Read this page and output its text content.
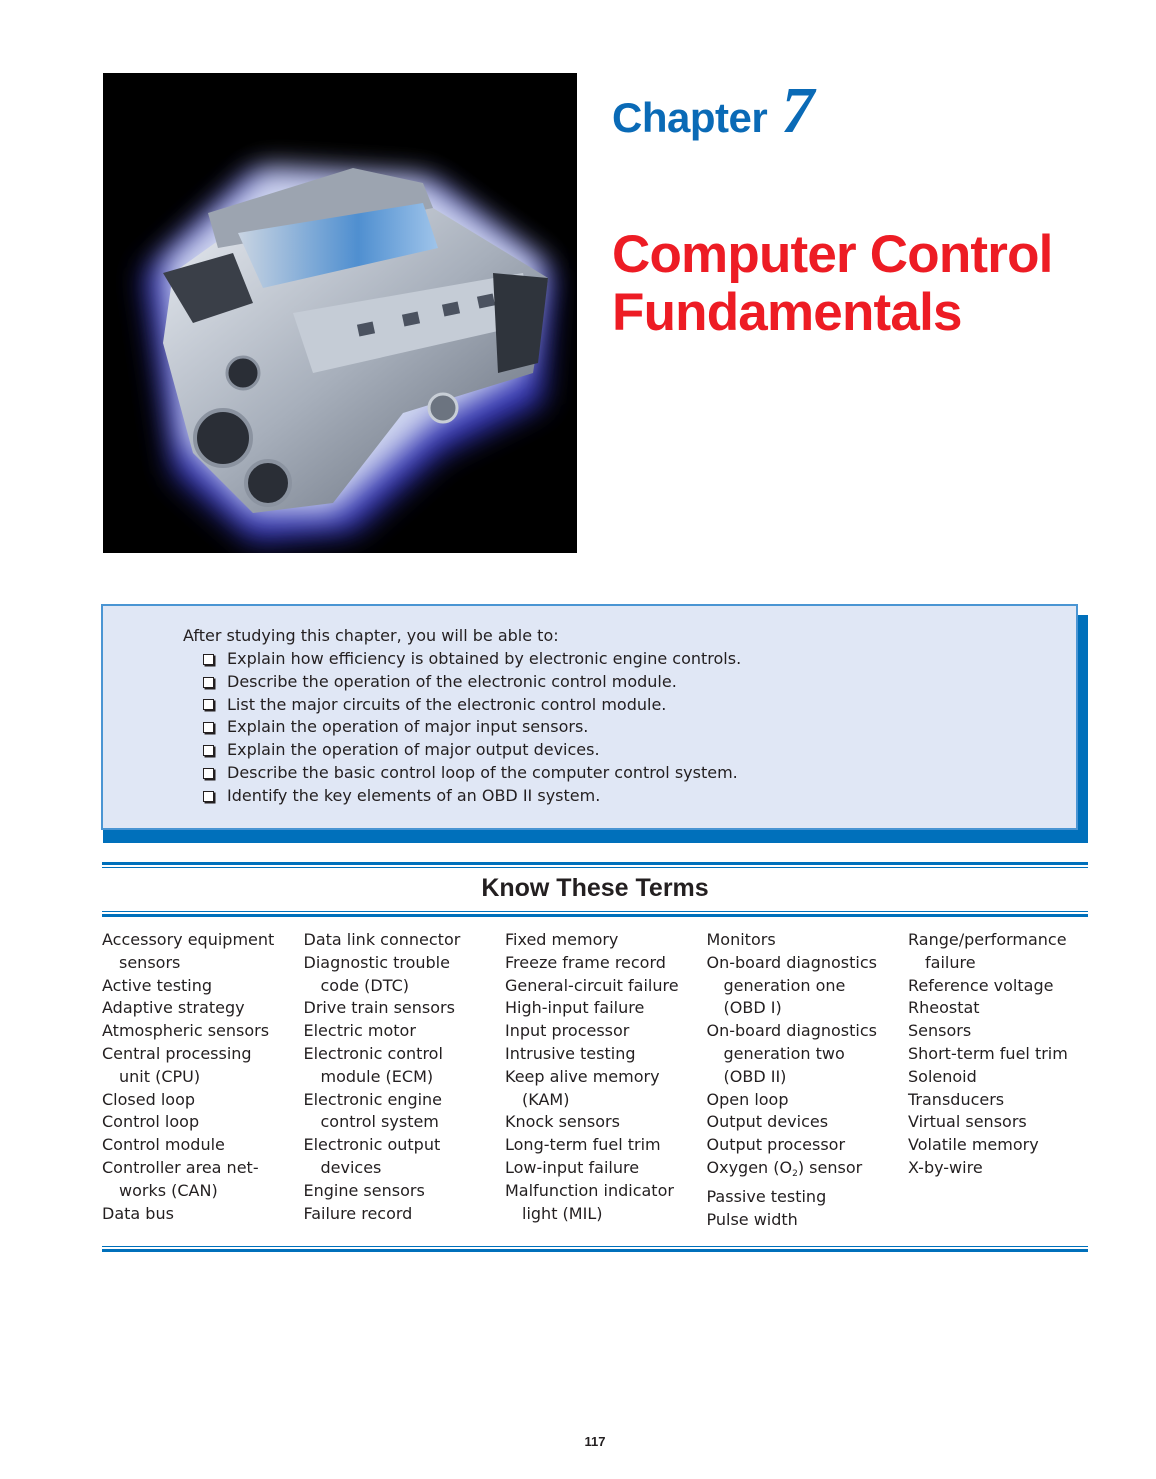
Chapter 7
Computer Control
Fundamentals
After studying this chapter, you will be able to:
Explain how efficiency is obtained by electronic engine controls.
Describe the operation of the electronic control module.
List the major circuits of the electronic control module.
Explain the operation of major input sensors.
Explain the operation of major output devices.
Describe the basic control loop of the computer control system.
Identify the key elements of an OBD II system.
Know These Terms
Accessory equipment
sensors
Active testing
Adaptive strategy
Atmospheric sensors
Central processing
unit (CPU)
Closed loop
Control loop
Control module
Controller area net-
works (CAN)
Data bus
Data link connector
Diagnostic trouble
code (DTC)
Drive train sensors
Electric motor
Electronic control
module (ECM)
Electronic engine
control system
Electronic output
devices
Engine sensors
Failure record
Fixed memory
Freeze frame record
General-circuit failure
High-input failure
Input processor
Intrusive testing
Keep alive memory
(KAM)
Knock sensors
Long-term fuel trim
Low-input failure
Malfunction indicator
light (MIL)
Monitors
On-board diagnostics
generation one
(OBD I)
On-board diagnostics
generation two
(OBD II)
Open loop
Output devices
Output processor
Oxygen $(O_2)$ sensor
Passive testing
Pulse width
Range/performance
failure
Reference voltage
Rheostat
Sensors
Short-term fuel trim
Solenoid
Transducers
Virtual sensors
Volatile memory
X-by-wire
117
